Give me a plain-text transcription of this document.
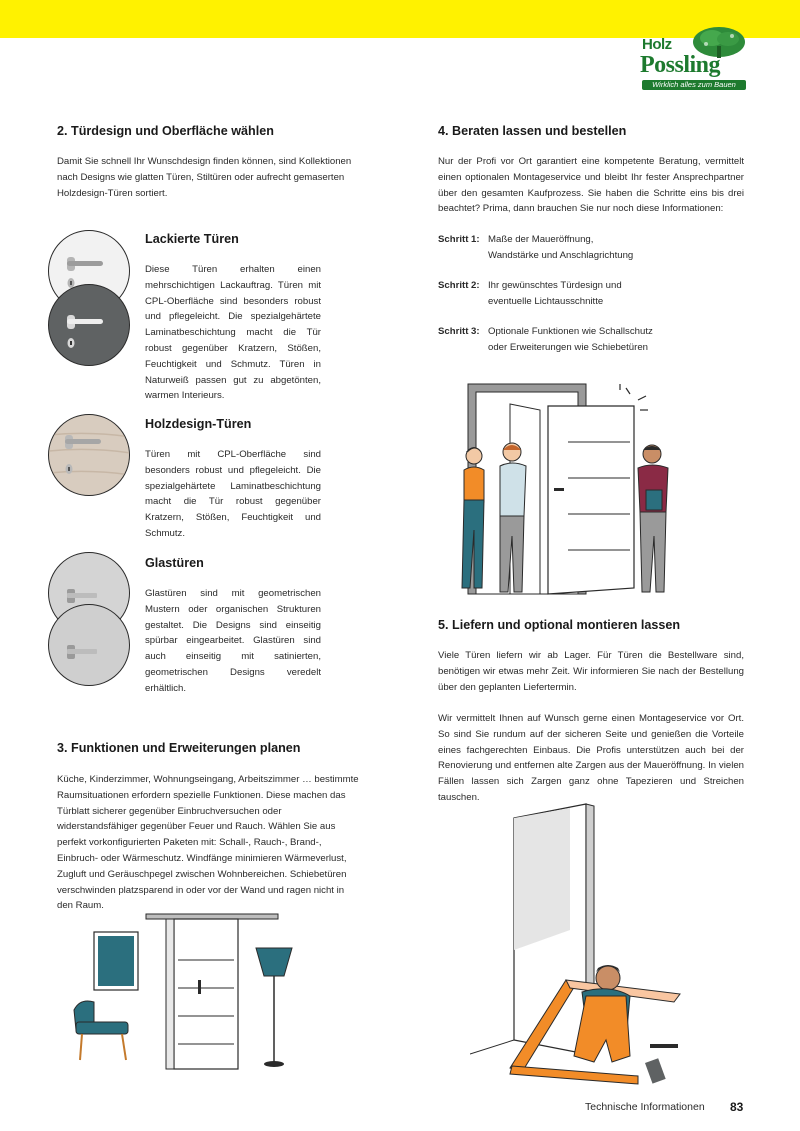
Holz
Possling
Wirklich alles zum Bauen
2. Türdesign und Oberfläche wählen
Damit Sie schnell Ihr Wunschdesign finden können, sind Kollektionen nach Designs wie glatten Türen, Stiltüren oder aufrecht gemaserten Holzdesign-Türen sortiert.
Lackierte Türen
Diese Türen erhalten einen mehrschichtigen Lackauftrag. Türen mit CPL-Oberfläche sind besonders robust und pflegeleicht. Die spezialgehärtete Laminatbeschichtung macht die Tür robust gegenüber Kratzern, Stößen, Feuchtigkeit und Schmutz. Türen in Naturweiß passen gut zu abgetönten, warmen Interieurs.
Holzdesign-Türen
Türen mit CPL-Oberfläche sind besonders robust und pflegeleicht. Die spezialgehärtete Laminatbeschichtung macht die Tür robust gegenüber Kratzern, Stößen, Feuchtigkeit und Schmutz.
Glastüren
Glastüren sind mit geometrischen Mustern oder organischen Strukturen gestaltet. Die Designs sind einseitig spürbar eingearbeitet. Glastüren sind auch einseitig mit satinierten, geometrischen Designs veredelt erhältlich.
3. Funktionen und Erweiterungen planen
Küche, Kinderzimmer, Wohnungseingang, Arbeitszimmer … bestimmte Raumsituationen erfordern spezielle Funktionen. Diese machen das Türblatt sicherer gegenüber Einbruchversuchen oder widerstandsfähiger gegenüber Feuer und Rauch. Wählen Sie aus perfekt vorkonfigurierten Paketen mit: Schall-, Rauch-, Brand-, Einbruch- oder Wärmeschutz. Windfänge minimieren Wärmeverlust, Zugluft und Geräuschpegel zwischen Wohnbereichen. Schiebetüren verschwinden platzsparend in oder vor der Wand und ragen nicht in den Raum.
4. Beraten lassen und bestellen
Nur der Profi vor Ort garantiert eine kompetente Beratung, vermittelt einen optionalen Montageservice und bleibt Ihr fester Ansprechpartner über den gesamten Kaufprozess. Sie haben die Schritte eins bis drei beachtet? Prima, dann brauchen Sie nur noch diese Informationen:
Schritt 1: Maße der Maueröffnung,
Wandstärke und Anschlagrichtung
Schritt 2: Ihr gewünschtes Türdesign und
eventuelle Lichtausschnitte
Schritt 3: Optionale Funktionen wie Schallschutz
oder Erweiterungen wie Schiebetüren
5. Liefern und optional montieren lassen
Viele Türen liefern wir ab Lager. Für Türen die Bestellware sind, benötigen wir etwas mehr Zeit. Wir informieren Sie nach der Bestellung über den geplanten Liefertermin.
Wir vermittelt Ihnen auf Wunsch gerne einen Montageservice vor Ort. So sind Sie rundum auf der sicheren Seite und genießen die Vorteile eines fachgerechten Einbaus. Die Profis unterstützen auch bei der Renovierung und entfernen alte Zargen aus der Maueröffnung. In vielen Fällen lassen sich Zargen ganz ohne Tapezieren und Streichen tauschen.
Technische Informationen 83
